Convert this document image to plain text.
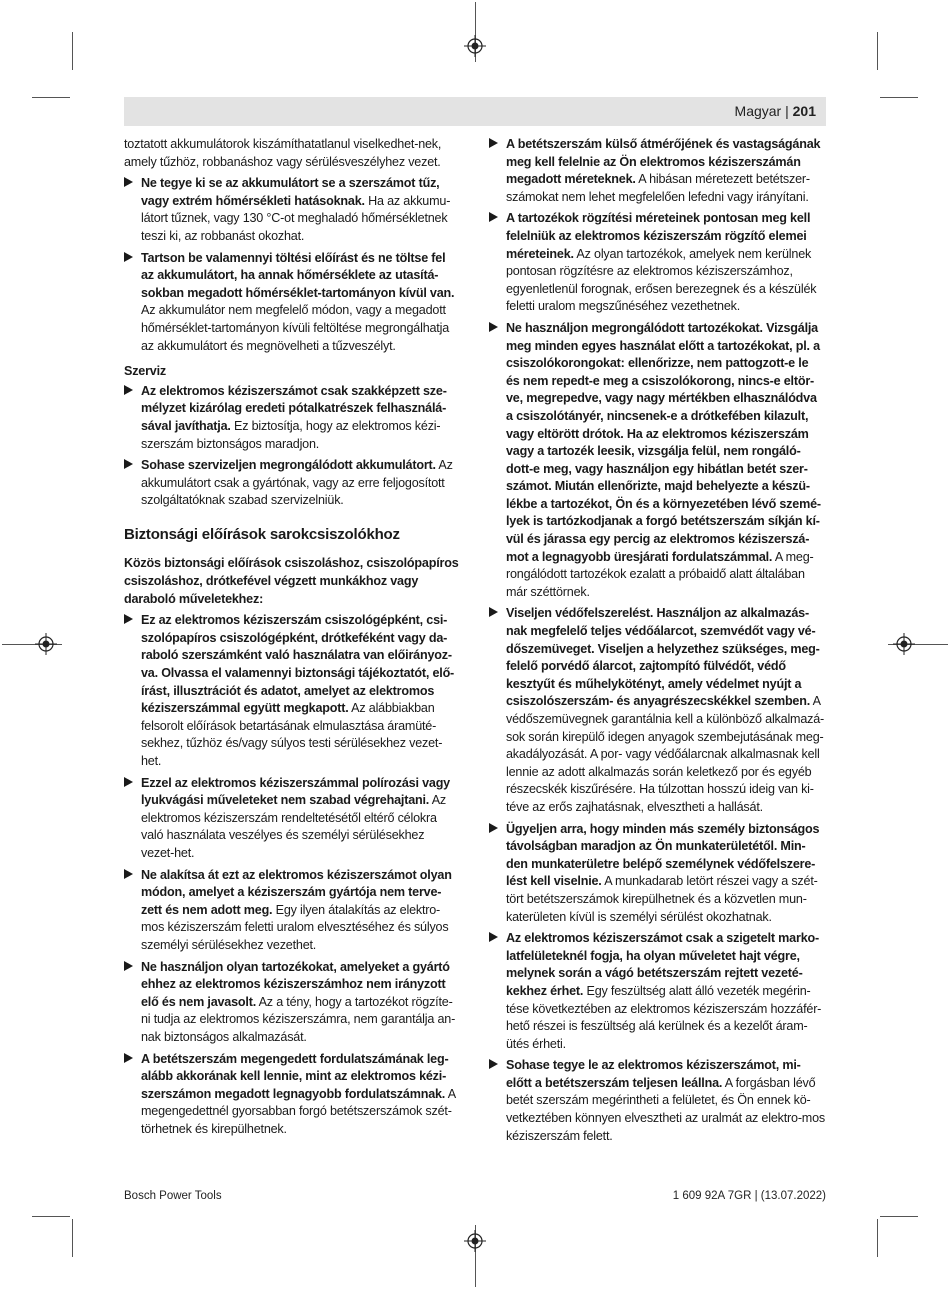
Magyar | 201

toztatott akkumulátorok kiszámíthatatlanul viselkedhet-nek, amely tűzhöz, robbanáshoz vagy sérülésveszélyhez vezet.

Ne tegye ki se az akkumulátort se a szerszámot tűz, vagy extrém hőmérsékleti hatásoknak. Ha az akkumu-látort tűznek, vagy 130 °C-ot meghaladó hőmérsékletnek teszi ki, az robbanást okozhat.

Tartson be valamennyi töltési előírást és ne töltse fel az akkumulátort, ha annak hőmérséklete az utasítá-sokban megadott hőmérséklet-tartományon kívül van. Az akkumulátor nem megfelelő módon, vagy a megadott hőmérséklet-tartományon kívüli feltöltése megrongálhatja az akkumulátort és megnövelheti a tűzveszélyt.

Szerviz

Az elektromos kéziszerszámot csak szakképzett sze-mélyzet kizárólag eredeti pótalkatrészek felhasználá-sával javíthatja. Ez biztosítja, hogy az elektromos kézi-szerszám biztonságos maradjon.

Sohase szervizeljen megrongálódott akkumulátort. Az akkumulátort csak a gyártónak, vagy az erre feljogosított szolgáltatóknak szabad szervizelniük.

Biztonsági előírások sarokcsiszolókhoz
Közös biztonsági előírások csiszoláshoz, csiszolópapíros csiszoláshoz, drótkefével végzett munkákhoz vagy daraboló műveletekhez:

Ez az elektromos kéziszerszám csiszológépként, csi-szolópapíros csiszológépként, drótkeféként vagy da-raboló szerszámként való használatra van előirányoz-va. Olvassa el valamennyi biztonsági tájékoztatót, elő-írást, illusztrációt és adatot, amelyet az elektromos kéziszerszámmal együtt megkapott. Az alábbiakban felsorolt előírások betartásának elmulasztása áramüté-sekhez, tűzhöz és/vagy súlyos testi sérülésekhez vezet-het.

Ezzel az elektromos kéziszerszámmal polírozási vagy lyukvágási műveleteket nem szabad végrehajtani. Az elektromos kéziszerszám rendeltetésétől eltérő célokra való használata veszélyes és személyi sérülésekhez vezet-het.

Ne alakítsa át ezt az elektromos kéziszerszámot olyan módon, amelyet a kéziszerszám gyártója nem terve-zett és nem adott meg. Egy ilyen átalakítás az elektro-mos kéziszerszám feletti uralom elvesztéséhez és súlyos személyi sérülésekhez vezethet.

Ne használjon olyan tartozékokat, amelyeket a gyártó ehhez az elektromos kéziszerszámhoz nem irányzott elő és nem javasolt. Az a tény, hogy a tartozékot rögzíte-ni tudja az elektromos kéziszerszámra, nem garantálja an-nak biztonságos alkalmazását.

A betétszerszám megengedett fordulatszámának leg-alább akkorának kell lennie, mint az elektromos kézi-szerszámon megadott legnagyobb fordulatszámnak. A megengedettnél gyorsabban forgó betétszerszámok szét-törhetnek és kirepülhetnek.

A betétszerszám külső átmérőjének és vastagságának meg kell felelnie az Ön elektromos kéziszerszámán megadott méreteknek. A hibásan méretezett betétszer-számokat nem lehet megfelelően lefedni vagy irányítani.

A tartozékok rögzítési méreteinek pontosan meg kell felelniük az elektromos kéziszerszám rögzítő elemei méreteinek. Az olyan tartozékok, amelyek nem kerülnek pontosan rögzítésre az elektromos kéziszerszámhoz, egyenletlenül forognak, erősen berezegnek és a készülék feletti uralom megszűnéséhez vezethetnek.

Ne használjon megrongálódott tartozékokat. Vizsgálja meg minden egyes használat előtt a tartozékokat, pl. a csiszolókorongokat: ellenőrizze, nem pattogzott-e le és nem repedt-e meg a csiszolókorong, nincs-e eltör-ve, megrepedve, vagy nagy mértékben elhasználódva a csiszolótányér, nincsenek-e a drótkefében kilazult, vagy eltörött drótok. Ha az elektromos kéziszerszám vagy a tartozék leesik, vizsgálja felül, nem rongáló-dott-e meg, vagy használjon egy hibátlan betét szer-számot. Miután ellenőrizte, majd behelyezte a készü-lékbe a tartozékot, Ön és a környezetében lévő szemé-lyek is tartózkodjanak a forgó betétszerszám síkján kí-vül és járassa egy percig az elektromos kéziszerszá-mot a legnagyobb üresjárati fordulatszámmal. A meg-rongálódott tartozékok ezalatt a próbaidő alatt általában már széttörnek.

Viseljen védőfelszerelést. Használjon az alkalmazás-nak megfelelő teljes védőálarcot, szemvédőt vagy vé-dőszemüveget. Viseljen a helyzethez szükséges, meg-felelő porvédő álarcot, zajtompító fülvédőt, védő kesztyűt és műhelykötényt, amely védelmet nyújt a csiszolószerszám- és anyagrészecskékkel szemben. A védőszemüvegnek garantálnia kell a különböző alkalmazá-sok során kirepülő idegen anyagok szembejutásának meg-akadályozását. A por- vagy védőálarcnak alkalmasnak kell lennie az adott alkalmazás során keletkező por és egyéb részecskék kiszűrésére. Ha túlzottan hosszú ideig van ki-téve az erős zajhatásnak, elvesztheti a hallását.

Ügyeljen arra, hogy minden más személy biztonságos távolságban maradjon az Ön munkaterületétől. Min-den munkaterületre belépő személynek védőfelszere-lést kell viselnie. A munkadarab letört részei vagy a szét-tört betétszerszámok kirepülhetnek és a közvetlen mun-katerületen kívül is személyi sérülést okozhatnak.

Az elektromos kéziszerszámot csak a szigetelt marko-latfelületeknél fogja, ha olyan műveletet hajt végre, melynek során a vágó betétszerszám rejtett vezeté-kekhez érhet. Egy feszültség alatt álló vezeték megérin-tése következtében az elektromos kéziszerszám hozzáfér-hető részei is feszültség alá kerülnek és a kezelőt áram-ütés érheti.

Sohase tegye le az elektromos kéziszerszámot, mi-előtt a betétszerszám teljesen leállna. A forgásban lévő betét szerszám megérintheti a felületet, és Ön ennek kö-vetkeztében könnyen elvesztheti az uralmát az elektro-mos kéziszerszám felett.

Bosch Power Tools	1 609 92A 7GR | (13.07.2022)
